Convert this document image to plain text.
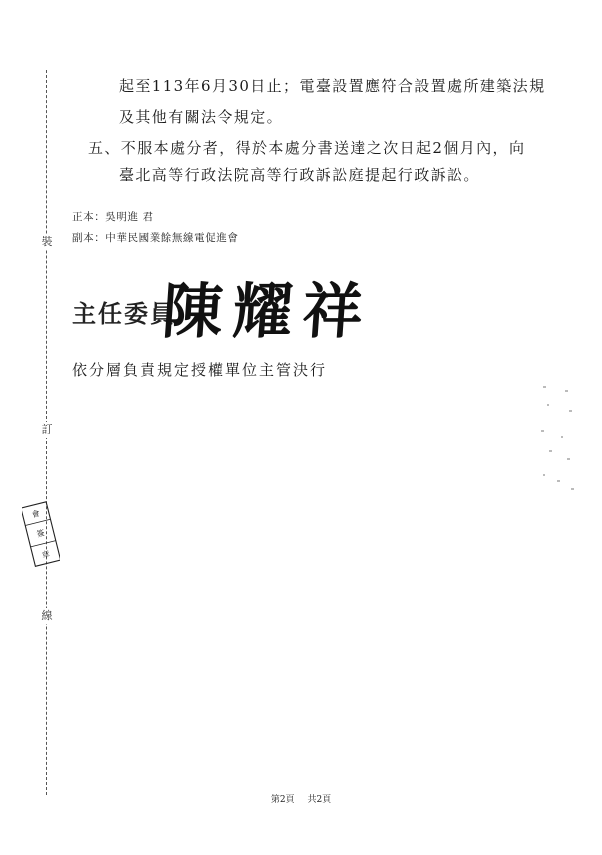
裝
訂
線
會
簽
章
起至113年6月30日止；電臺設置應符合設置處所建築法規
及其他有關法令規定。
五、不服本處分者，得於本處分書送達之次日起2個月內，向
臺北高等行政法院高等行政訴訟庭提起行政訴訟。
正本：吳明進 君
副本：中華民國業餘無線電促進會
主任委員
陳耀祥
依分層負責規定授權單位主管決行
第2頁 共2頁
